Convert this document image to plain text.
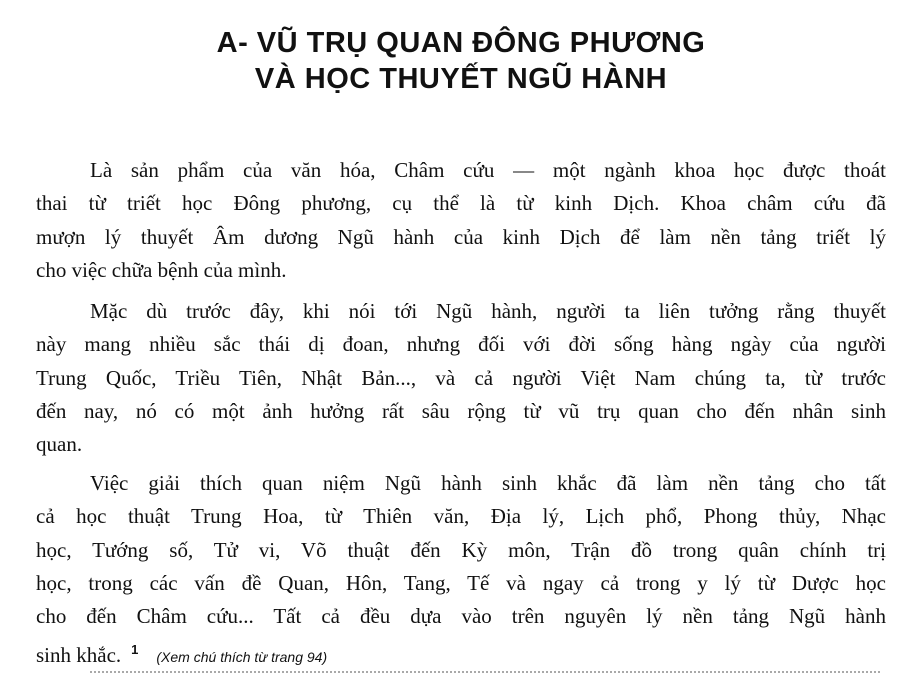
A- VŨ TRỤ QUAN ĐÔNG PHƯƠNG
VÀ HỌC THUYẾT NGŨ HÀNH
Là sản phẩm của văn hóa, Châm cứu — một ngành khoa học được thoát
thai từ triết học Đông phương, cụ thể là từ kinh Dịch. Khoa châm cứu đã
mượn lý thuyết Âm dương Ngũ hành của kinh Dịch để làm nền tảng triết lý
cho việc chữa bệnh của mình.
Mặc dù trước đây, khi nói tới Ngũ hành, người ta liên tưởng rằng thuyết
này mang nhiều sắc thái dị đoan, nhưng đối với đời sống hàng ngày của người
Trung Quốc, Triều Tiên, Nhật Bản..., và cả người Việt Nam chúng ta, từ trước
đến nay, nó có một ảnh hưởng rất sâu rộng từ vũ trụ quan cho đến nhân sinh
quan.
Việc giải thích quan niệm Ngũ hành sinh khắc đã làm nền tảng cho tất
cả học thuật Trung Hoa, từ Thiên văn, Địa lý, Lịch phổ, Phong thủy, Nhạc
học, Tướng số, Tử vi, Võ thuật đến Kỳ môn, Trận đồ trong quân chính trị
học, trong các vấn đề Quan, Hôn, Tang, Tế và ngay cả trong y lý từ Dược học
cho đến Châm cứu... Tất cả đều dựa vào trên nguyên lý nền tảng Ngũ hành
sinh khắc. $^1$ (Xem chú thích từ trang 94)
